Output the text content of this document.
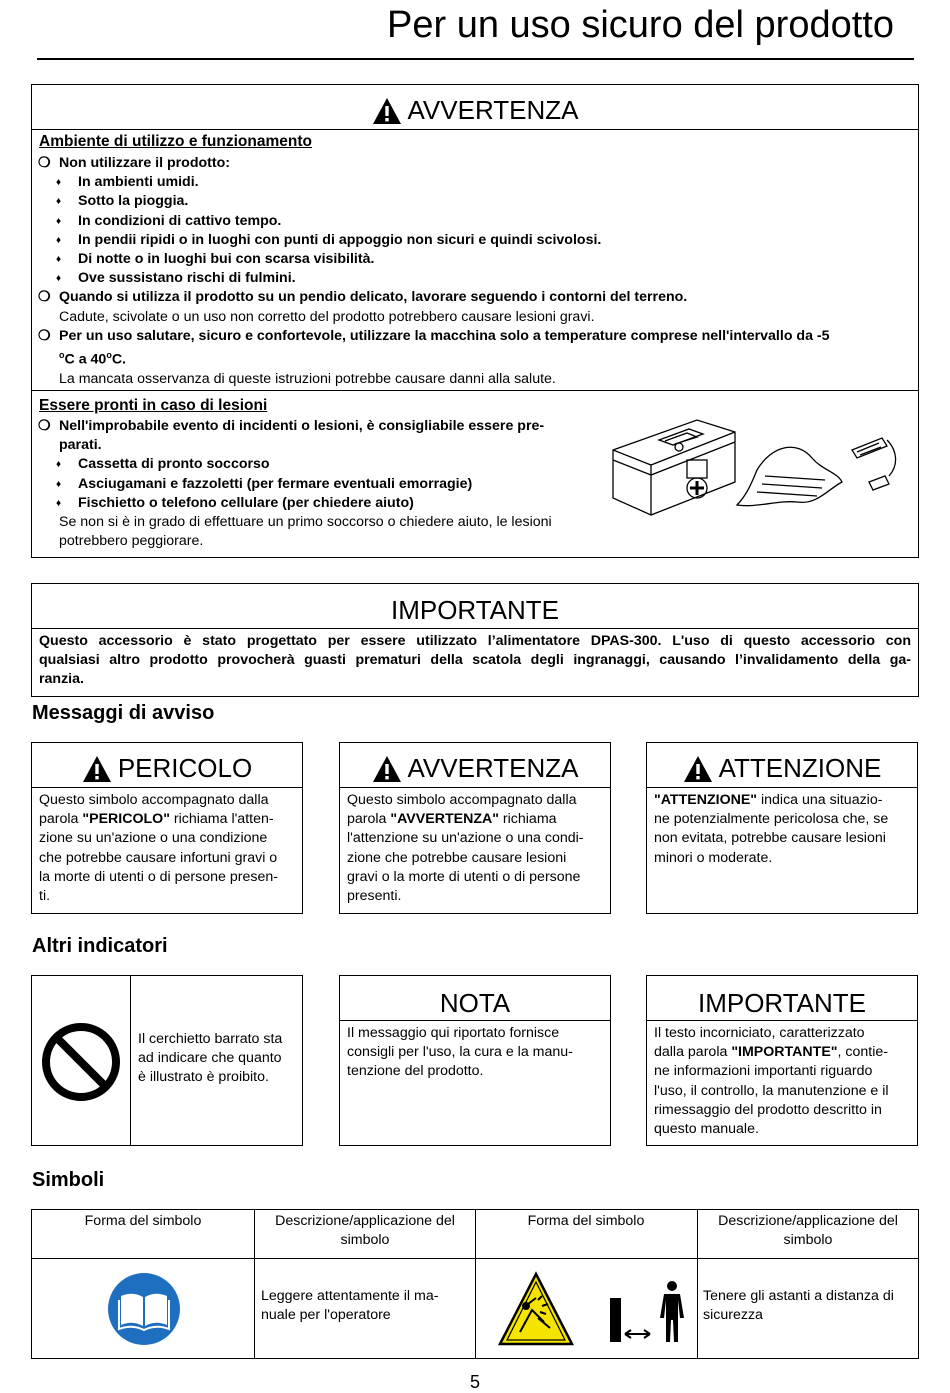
Per un uso sicuro del prodotto
AVVERTENZA
Ambiente di utilizzo e funzionamento
❍ Non utilizzare il prodotto:
♦ In ambienti umidi.
♦ Sotto la pioggia.
♦ In condizioni di cattivo tempo.
♦ In pendii ripidi o in luoghi con punti di appoggio non sicuri e quindi scivolosi.
♦ Di notte o in luoghi bui con scarsa visibilità.
♦ Ove sussistano rischi di fulmini.
❍ Quando si utilizza il prodotto su un pendio delicato, lavorare seguendo i contorni del terreno.
Cadute, scivolate o un uso non corretto del prodotto potrebbero causare lesioni gravi.
❍ Per un uso salutare, sicuro e confortevole, utilizzare la macchina solo a temperature comprese nell'intervallo da -5
$^o$C a 40$^o$C.
La mancata osservanza di queste istruzioni potrebbe causare danni alla salute.
Essere pronti in caso di lesioni
❍ Nell'improbabile evento di incidenti o lesioni, è consigliabile essere pre-
parati.
♦ Cassetta di pronto soccorso
♦ Asciugamani e fazzoletti (per fermare eventuali emorragie)
♦ Fischietto o telefono cellulare (per chiedere aiuto)
Se non si è in grado di effettuare un primo soccorso o chiedere aiuto, le lesioni
potrebbero peggiorare.
IMPORTANTE
Questo accessorio è stato progettato per essere utilizzato l’alimentatore DPAS-300. L'uso di questo accessorio con
qualsiasi altro prodotto provocherà guasti prematuri della scatola degli ingranaggi, causando l’invalidamento della ga-
ranzia.
Messaggi di avviso
PERICOLO
Questo simbolo accompagnato dalla
parola "PERICOLO" richiama l'atten-
zione su un'azione o una condizione
che potrebbe causare infortuni gravi o
la morte di utenti o di persone presen-
ti.
AVVERTENZA
Questo simbolo accompagnato dalla
parola "AVVERTENZA" richiama
l'attenzione su un'azione o una condi-
zione che potrebbe causare lesioni
gravi o la morte di utenti o di persone
presenti.
ATTENZIONE
"ATTENZIONE" indica una situazio-
ne potenzialmente pericolosa che, se
non evitata, potrebbe causare lesioni
minori o moderate.
Altri indicatori
Il cerchietto barrato sta
ad indicare che quanto
è illustrato è proibito.
NOTA
Il messaggio qui riportato fornisce
consigli per l'uso, la cura e la manu-
tenzione del prodotto.
IMPORTANTE
Il testo incorniciato, caratterizzato
dalla parola "IMPORTANTE", contie-
ne informazioni importanti riguardo
l'uso, il controllo, la manutenzione e il
rimessaggio del prodotto descritto in
questo manuale.
Simboli
Forma del simbolo	Descrizione/applicazione del simbolo
Forma del simbolo	Descrizione/applicazione del simbolo
Leggere attentamente il ma-
nuale per l'operatore
Tenere gli astanti a distanza di
sicurezza
5
